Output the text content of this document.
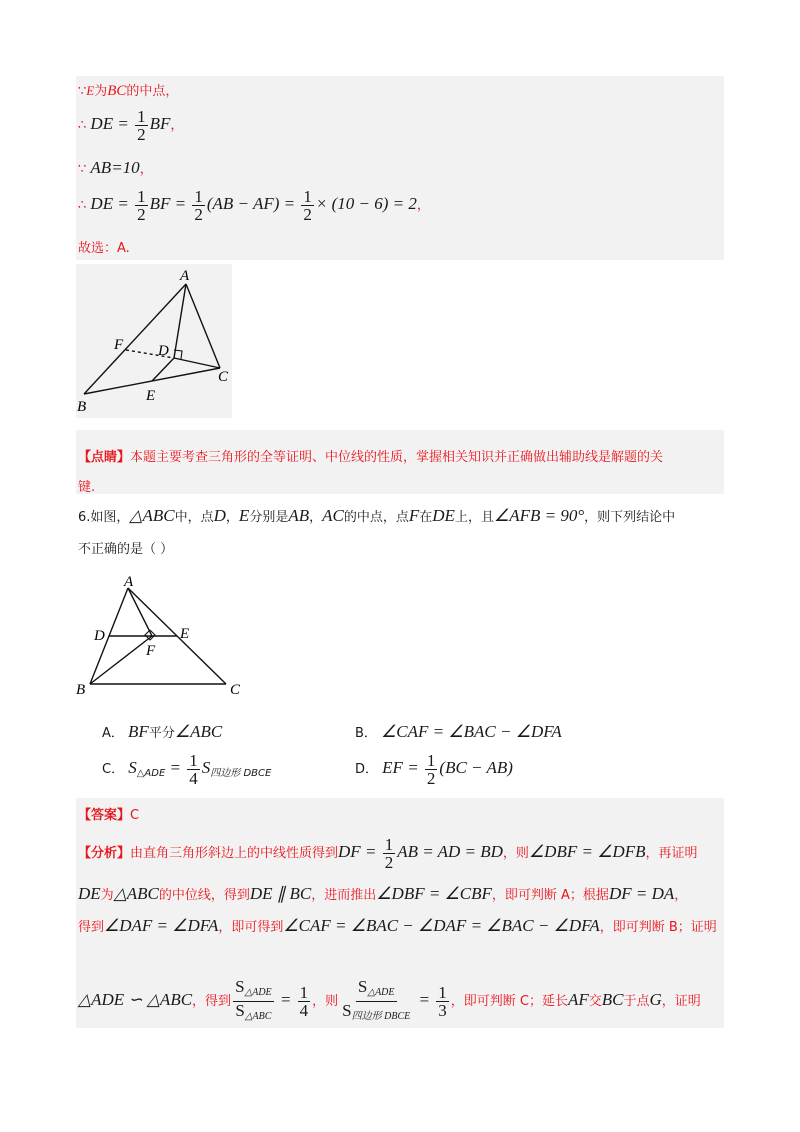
∵E为BC的中点，
∴ DE = $\frac{1}{2}$ BF，
∵ AB=10，
∴ DE = $\frac{1}{2}$ BF = $\frac{1}{2} (AB - AF) = \frac{1}{2} \times (10 - 6) = 2$，
故选：A.
A
B
C
D
E
F
【点睛】本题主要考查三角形的全等证明、中位线的性质，掌握相关知识并正确做出辅助线是解题的关
键.
6.如图，△ABC中，点D，E分别是AB，AC的中点，点F在DE上，且∠AFB = 90°，则下列结论中
不正确的是（ ）
A
B	C
D	E
F
A． BF平分∠ABC	B． ∠CAF = ∠BAC − ∠DFA
C． $S_{\triangle ADE} = \frac{1}{4} S_{四边形 DBCE}$	D． EF = $\frac{1}{2} (BC - AB)$
【答案】C
【分析】由直角三角形斜边上的中线性质得到DF = $\frac{1}{2}$ AB = AD = BD，则∠DBF = ∠DFB，再证明
DE为△ABC的中位线，得到DE ∥ BC，进而推出∠DBF = ∠CBF，即可判断 A；根据DF = DA，
得到∠DAF = ∠DFA，即可得到∠CAF = ∠BAC − ∠DAF = ∠BAC − ∠DFA，即可判断 B；证明
△ADE ∽ △ABC，得到 $\frac{S_{\triangle ADE}}{S_{\triangle ABC}} = \frac{1}{4}$ ，则 $\frac{S_{\triangle ADE}}{S_{四边形 DBCE}} = \frac{1}{3}$ ，即可判断 C；延长AF交BC于点G，证明
